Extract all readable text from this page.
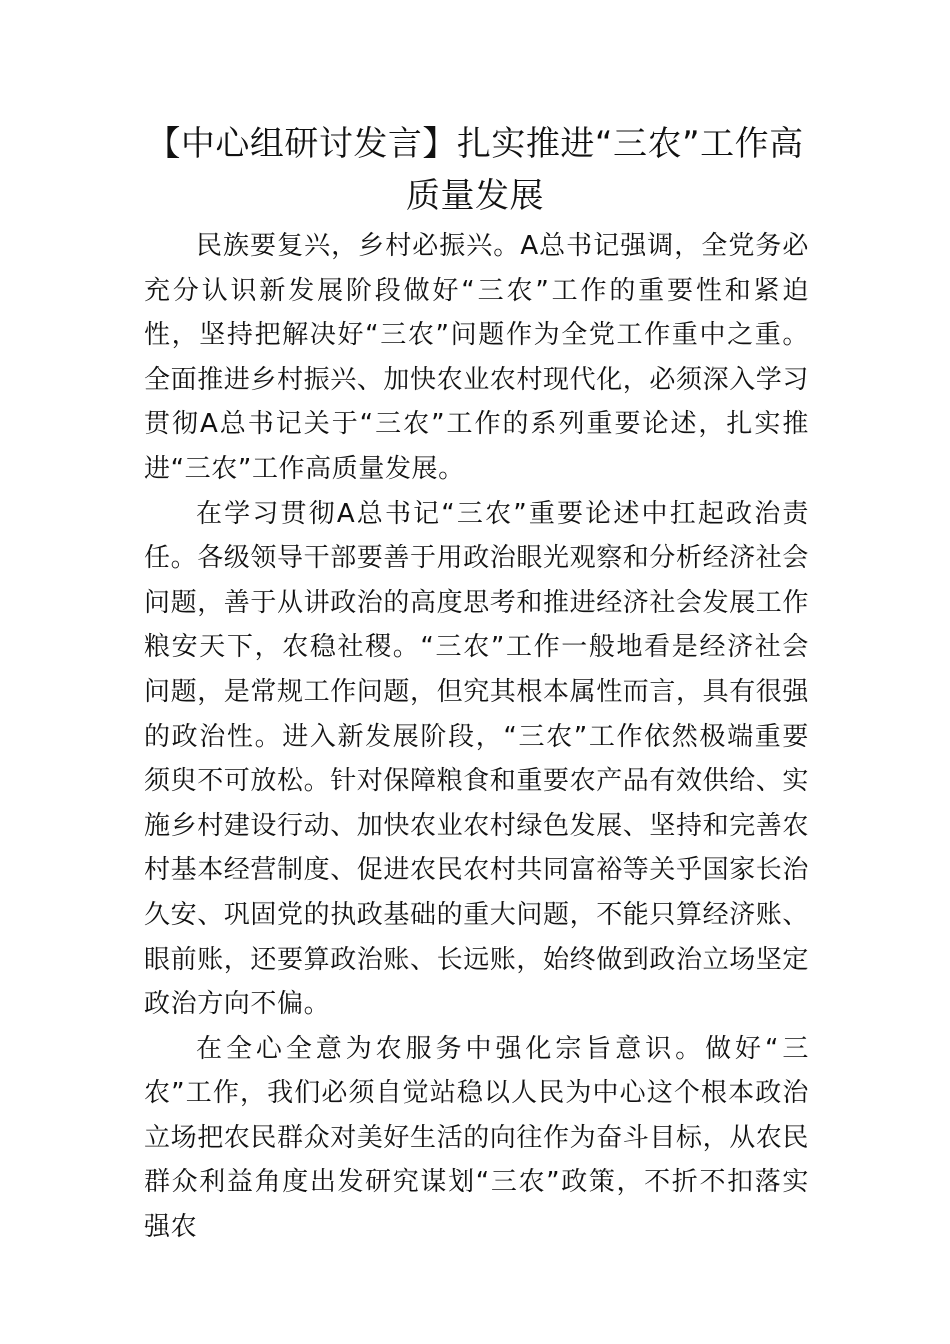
【中心组研讨发言】扎实推进“三农”工作高质量发展

民族要复兴，乡村必振兴。A总书记强调，全党务必充分认识新发展阶段做好“三农”工作的重要性和紧迫性，坚持把解决好“三农”问题作为全党工作重中之重。全面推进乡村振兴、加快农业农村现代化，必须深入学习贯彻A总书记关于“三农”工作的系列重要论述，扎实推进“三农”工作高质量发展。

在学习贯彻A总书记“三农”重要论述中扛起政治责任。各级领导干部要善于用政治眼光观察和分析经济社会问题，善于从讲政治的高度思考和推进经济社会发展工作粮安天下，农稳社稷。“三农”工作一般地看是经济社会问题，是常规工作问题，但究其根本属性而言，具有很强的政治性。进入新发展阶段，“三农”工作依然极端重要须臾不可放松。针对保障粮食和重要农产品有效供给、实施乡村建设行动、加快农业农村绿色发展、坚持和完善农村基本经营制度、促进农民农村共同富裕等关乎国家长治久安、巩固党的执政基础的重大问题，不能只算经济账、眼前账，还要算政治账、长远账，始终做到政治立场坚定政治方向不偏。

在全心全意为农服务中强化宗旨意识。做好“三农”工作，我们必须自觉站稳以人民为中心这个根本政治立场把农民群众对美好生活的向往作为奋斗目标，从农民群众利益角度出发研究谋划“三农”政策，不折不扣落实强农
